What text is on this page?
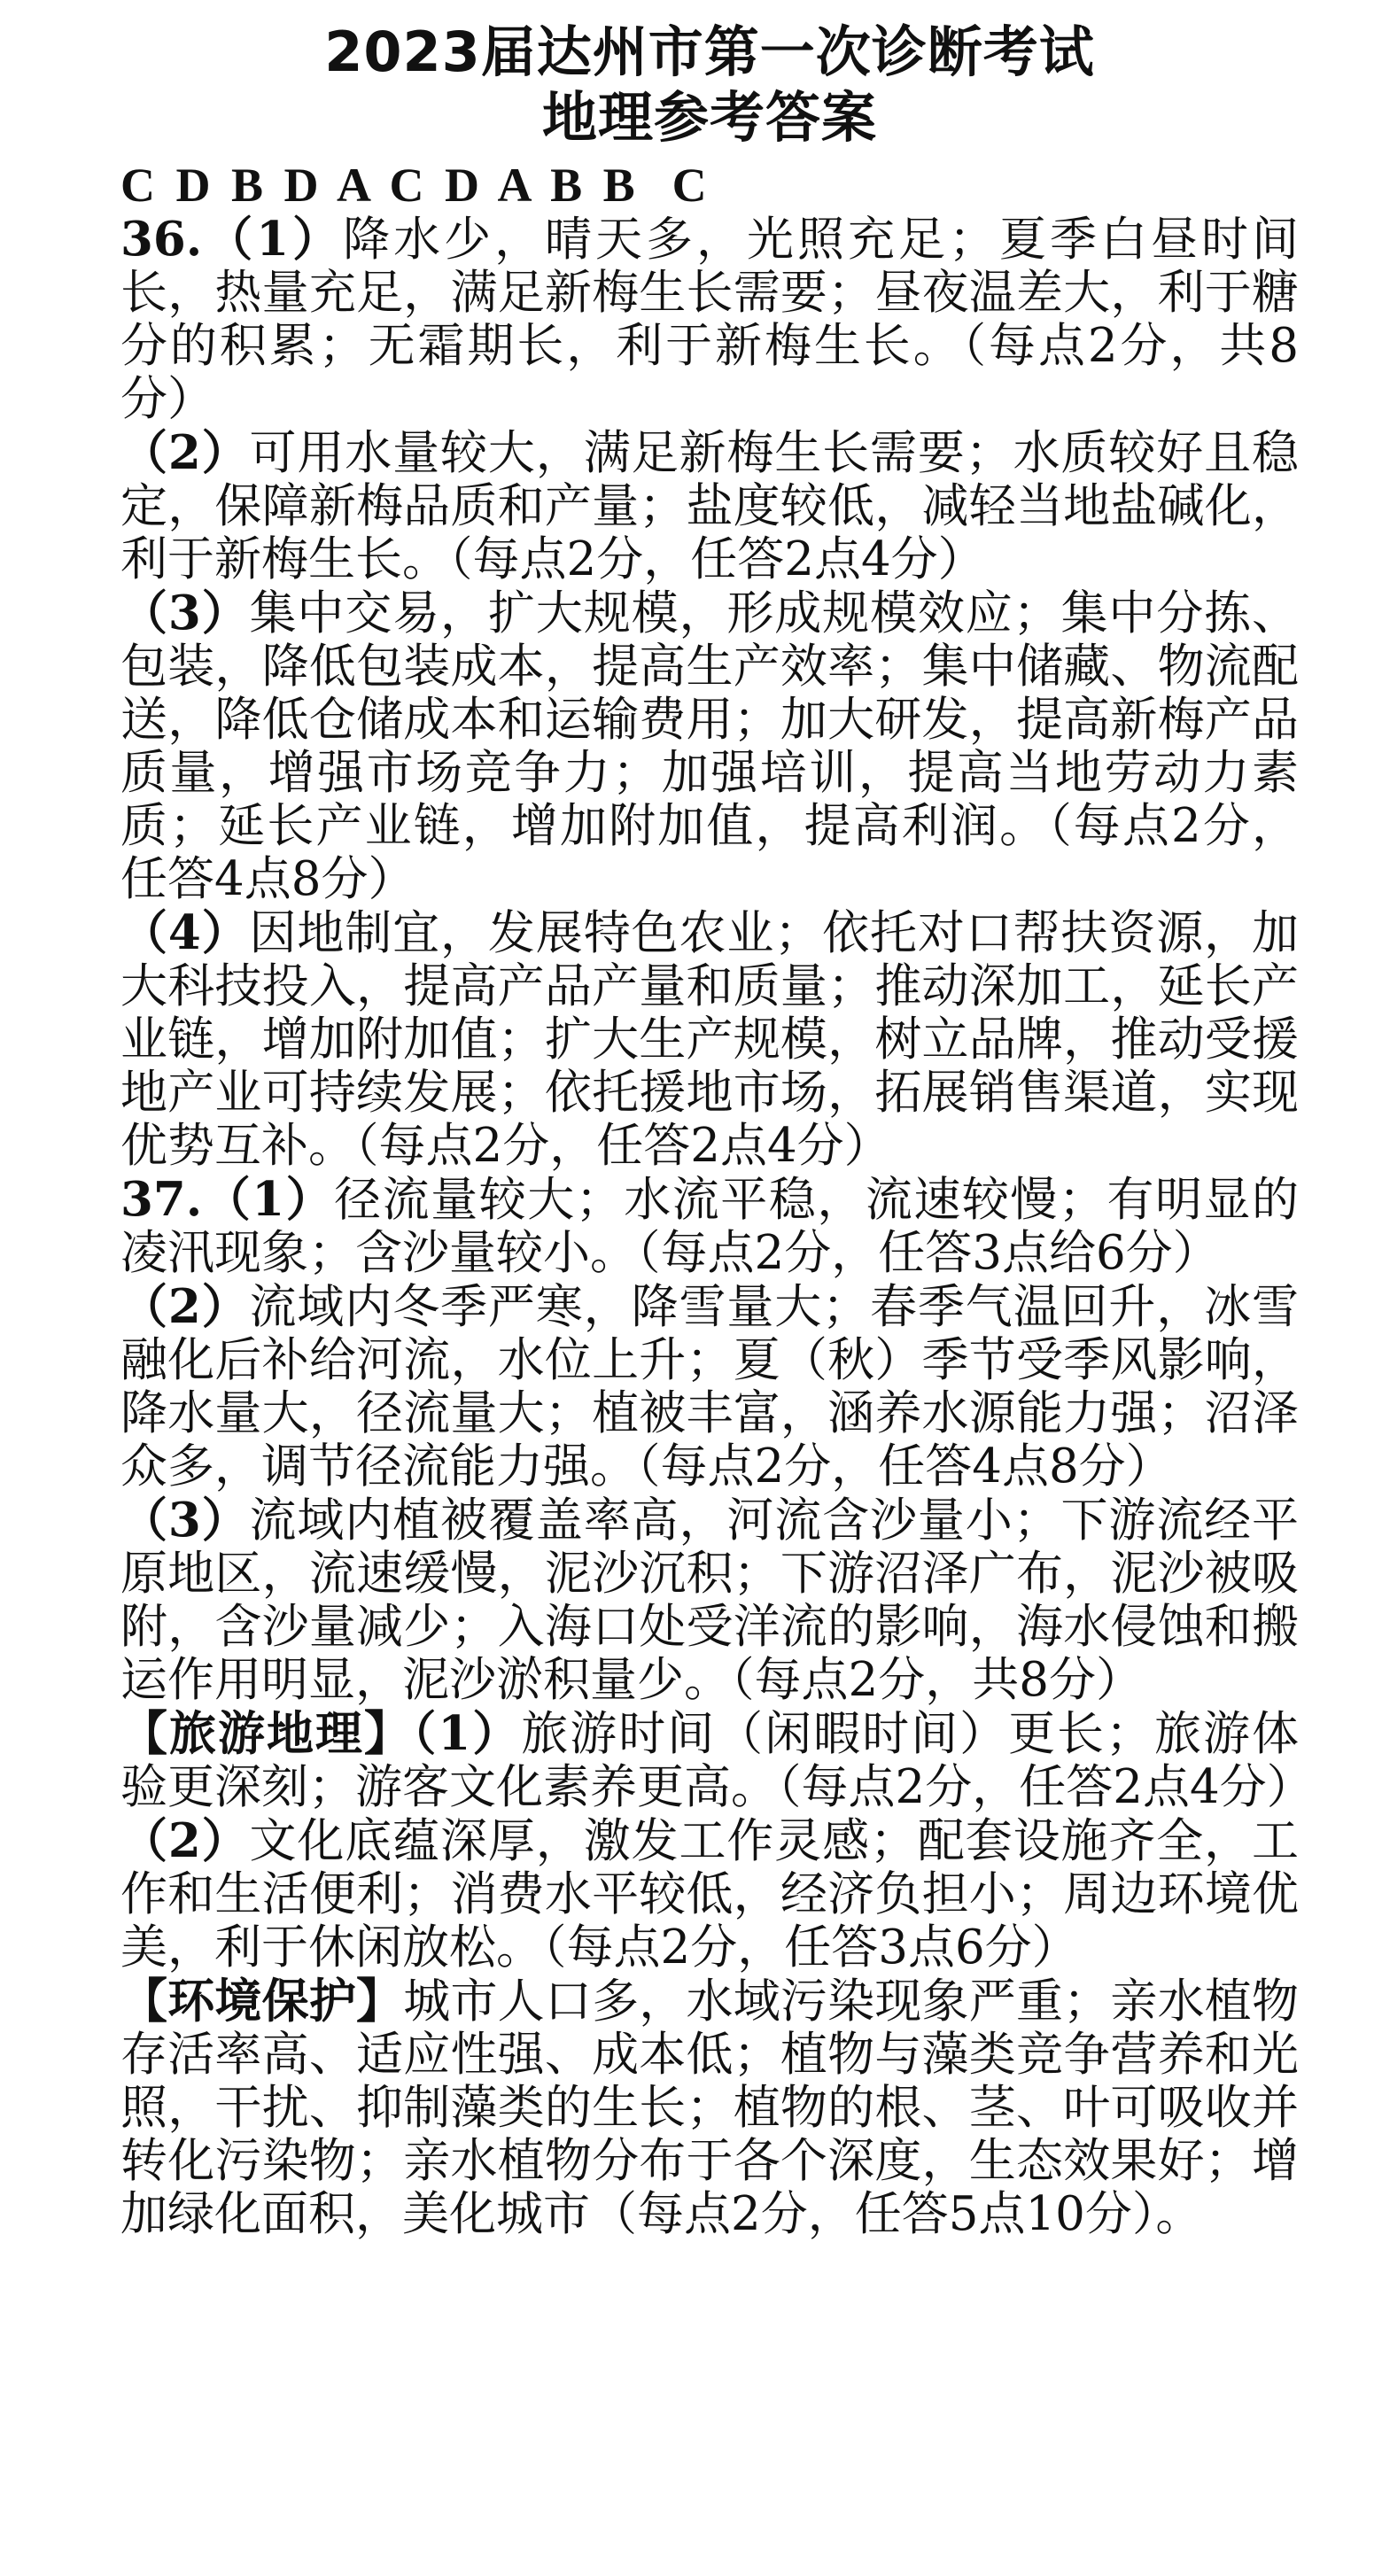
2023届达州市第一次诊断考试
地理参考答案
C D B D A C D A B B  C

36.（1）降水少，晴天多，光照充足；夏季白昼时间长，热量充足，满足新梅生长需要；昼夜温差大，利于糖分的积累；无霜期长，利于新梅生长。（每点2分，共8分）

（2）可用水量较大，满足新梅生长需要；水质较好且稳定，保障新梅品质和产量；盐度较低，减轻当地盐碱化，利于新梅生长。（每点2分，任答2点4分）

（3）集中交易，扩大规模，形成规模效应；集中分拣、包装，降低包装成本，提高生产效率；集中储藏、物流配送，降低仓储成本和运输费用；加大研发，提高新梅产品质量，增强市场竞争力；加强培训，提高当地劳动力素质；延长产业链，增加附加值，提高利润。（每点2分，任答4点8分）

（4）因地制宜，发展特色农业；依托对口帮扶资源，加大科技投入，提高产品产量和质量；推动深加工，延长产业链，增加附加值；扩大生产规模，树立品牌，推动受援地产业可持续发展；依托援地市场，拓展销售渠道，实现优势互补。（每点2分，任答2点4分）

37.（1）径流量较大；水流平稳，流速较慢；有明显的凌汛现象；含沙量较小。（每点2分，任答3点给6分）

（2）流域内冬季严寒，降雪量大；春季气温回升，冰雪融化后补给河流，水位上升；夏（秋）季节受季风影响，降水量大，径流量大；植被丰富，涵养水源能力强；沼泽众多，调节径流能力强。（每点2分，任答4点8分）

（3）流域内植被覆盖率高，河流含沙量小；下游流经平原地区，流速缓慢，泥沙沉积；下游沼泽广布，泥沙被吸附，含沙量减少；入海口处受洋流的影响，海水侵蚀和搬运作用明显，泥沙淤积量少。（每点2分，共8分）

【旅游地理】（1）旅游时间（闲暇时间）更长；旅游体验更深刻；游客文化素养更高。（每点2分，任答2点4分）

（2）文化底蕴深厚，激发工作灵感；配套设施齐全，工作和生活便利；消费水平较低，经济负担小；周边环境优美，利于休闲放松。（每点2分，任答3点6分）

【环境保护】城市人口多，水域污染现象严重；亲水植物存活率高、适应性强、成本低；植物与藻类竞争营养和光照，干扰、抑制藻类的生长；植物的根、茎、叶可吸收并转化污染物；亲水植物分布于各个深度，生态效果好；增加绿化面积，美化城市（每点2分，任答5点10分）。
